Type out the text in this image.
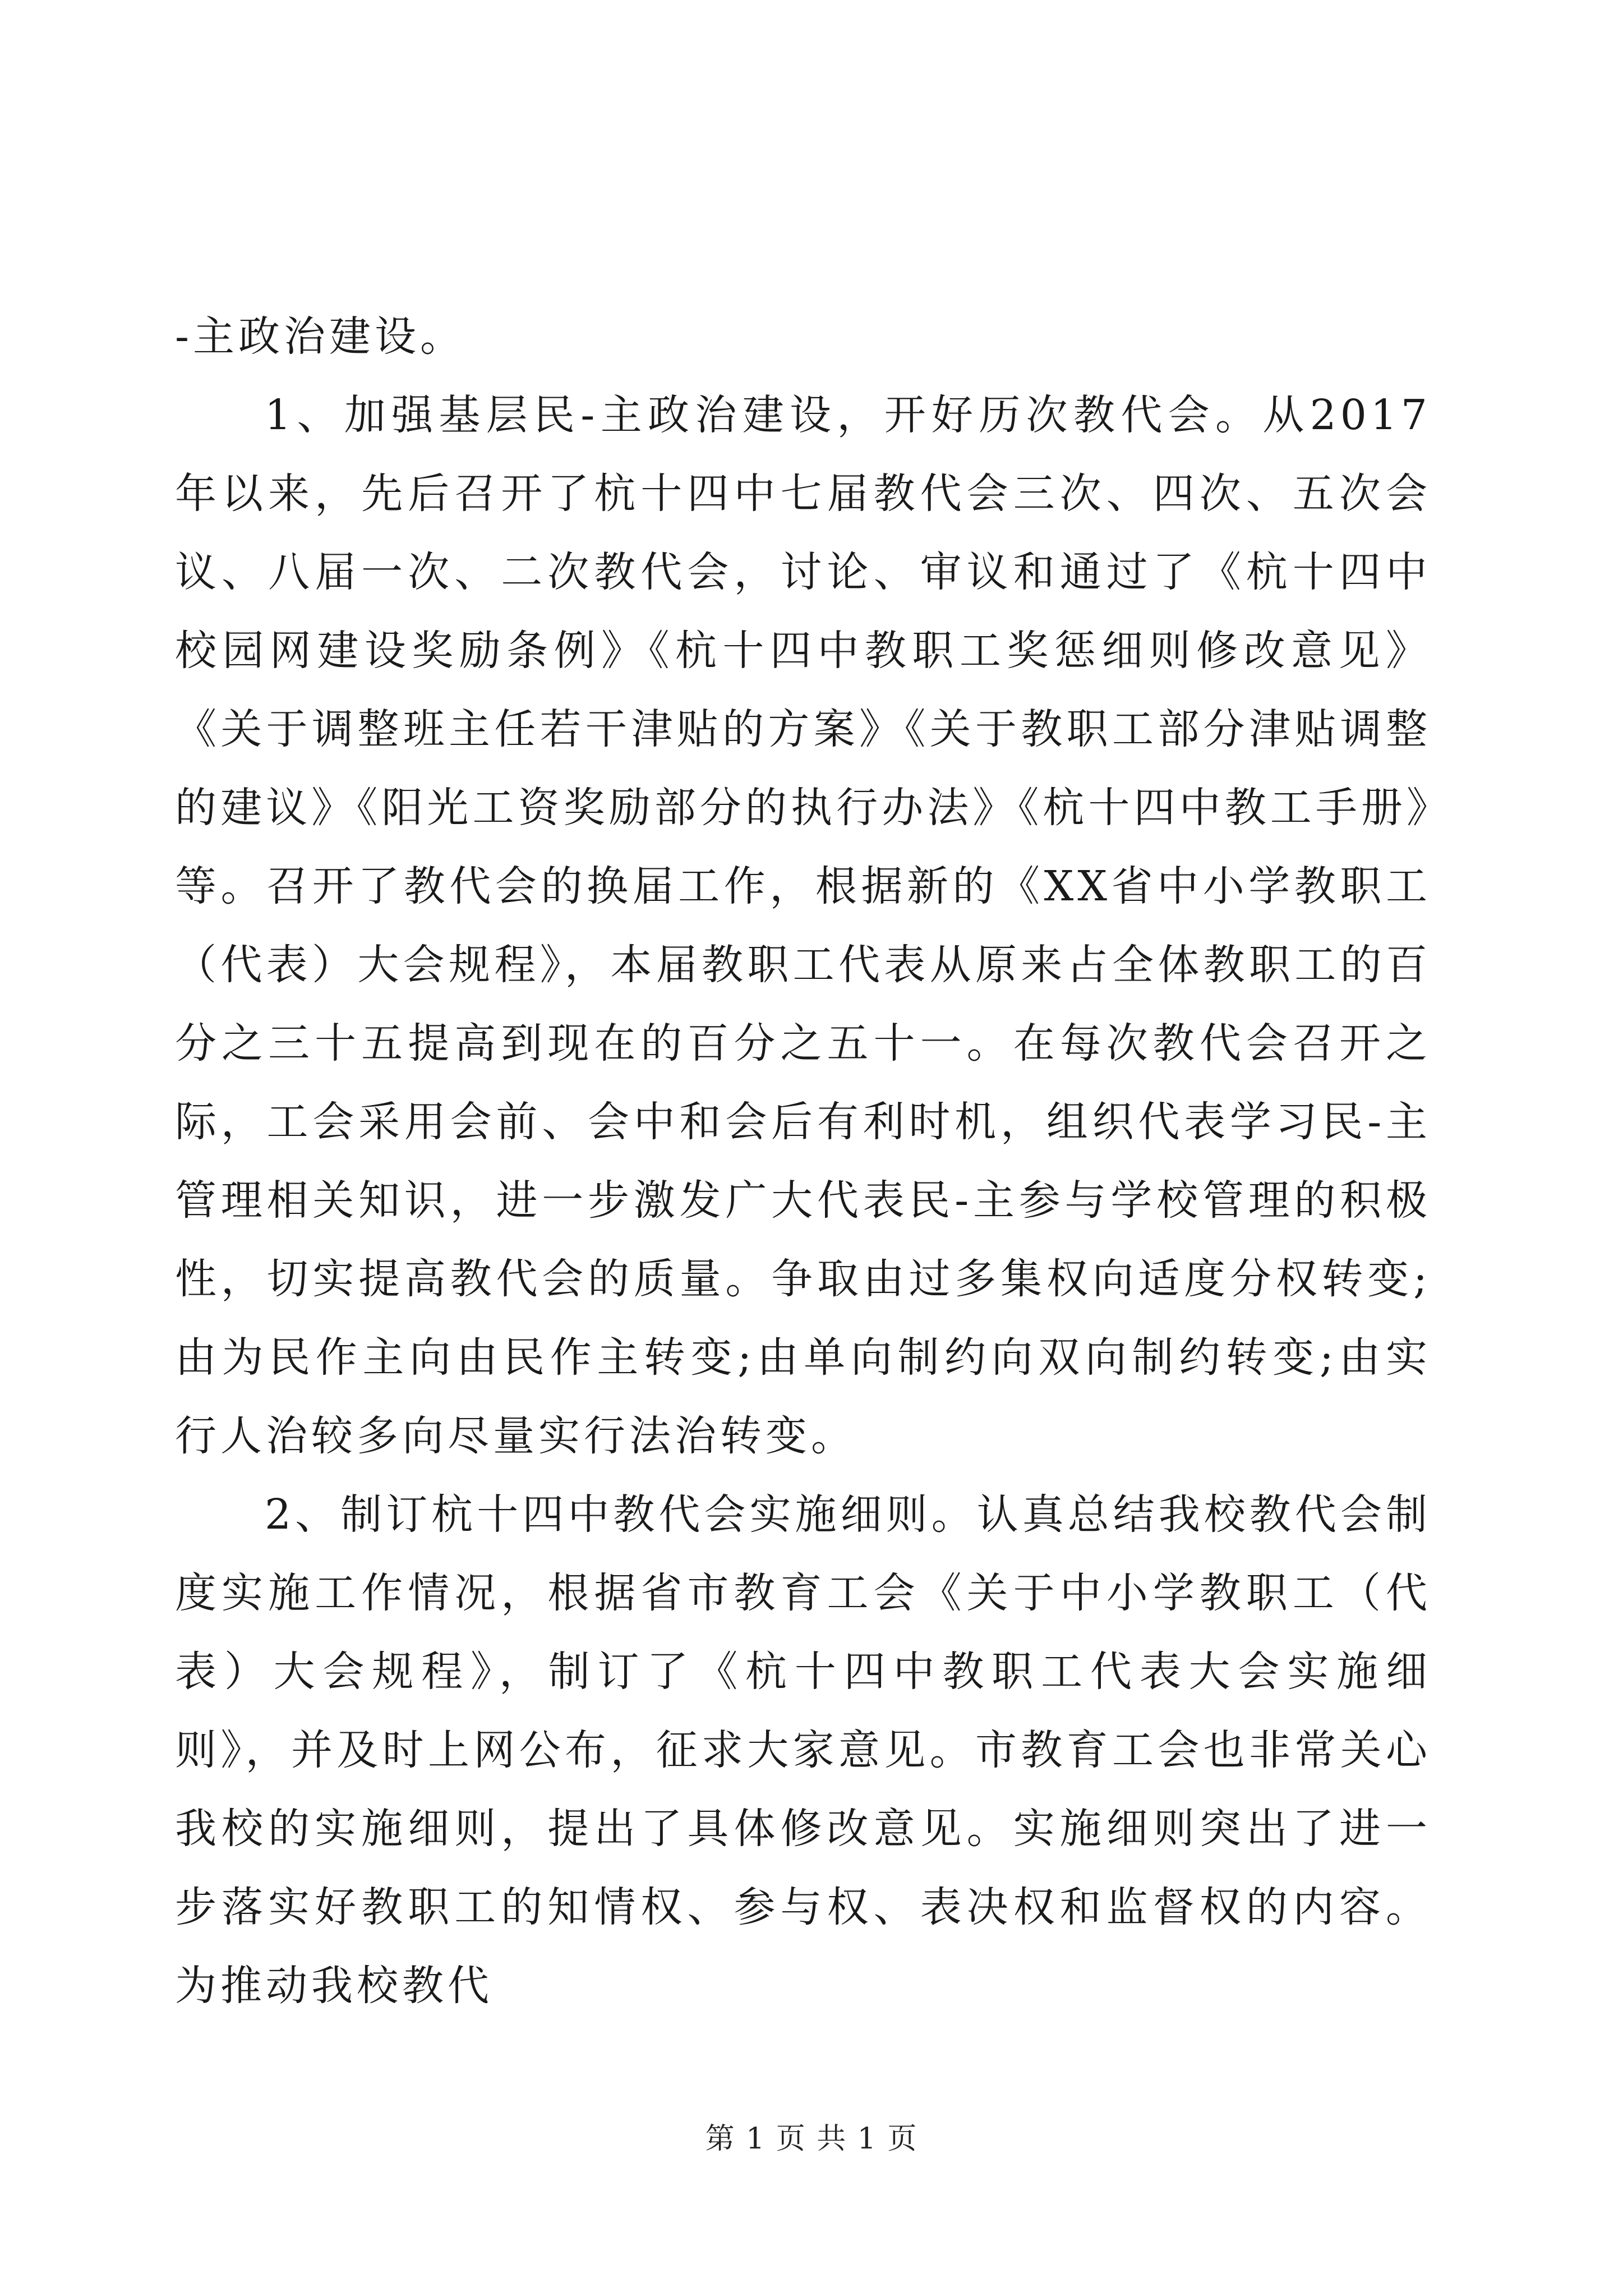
-主政治建设。

1、加强基层民-主政治建设，开好历次教代会。从2017年以来，先后召开了杭十四中七届教代会三次、四次、五次会议、八届一次、二次教代会，讨论、审议和通过了《杭十四中校园网建设奖励条例》《杭十四中教职工奖惩细则修改意见》《关于调整班主任若干津贴的方案》《关于教职工部分津贴调整的建议》《阳光工资奖励部分的执行办法》《杭十四中教工手册》等。召开了教代会的换届工作，根据新的《XX省中小学教职工（代表）大会规程》，本届教职工代表从原来占全体教职工的百分之三十五提高到现在的百分之五十一。在每次教代会召开之际，工会采用会前、会中和会后有利时机，组织代表学习民-主管理相关知识，进一步激发广大代表民-主参与学校管理的积极性，切实提高教代会的质量。争取由过多集权向适度分权转变;由为民作主向由民作主转变;由单向制约向双向制约转变;由实行人治较多向尽量实行法治转变。

2、制订杭十四中教代会实施细则。认真总结我校教代会制度实施工作情况，根据省市教育工会《关于中小学教职工（代表）大会规程》，制订了《杭十四中教职工代表大会实施细则》，并及时上网公布，征求大家意见。市教育工会也非常关心我校的实施细则，提出了具体修改意见。实施细则突出了进一步落实好教职工的知情权、参与权、表决权和监督权的内容。为推动我校教代

第 1 页 共 1 页
